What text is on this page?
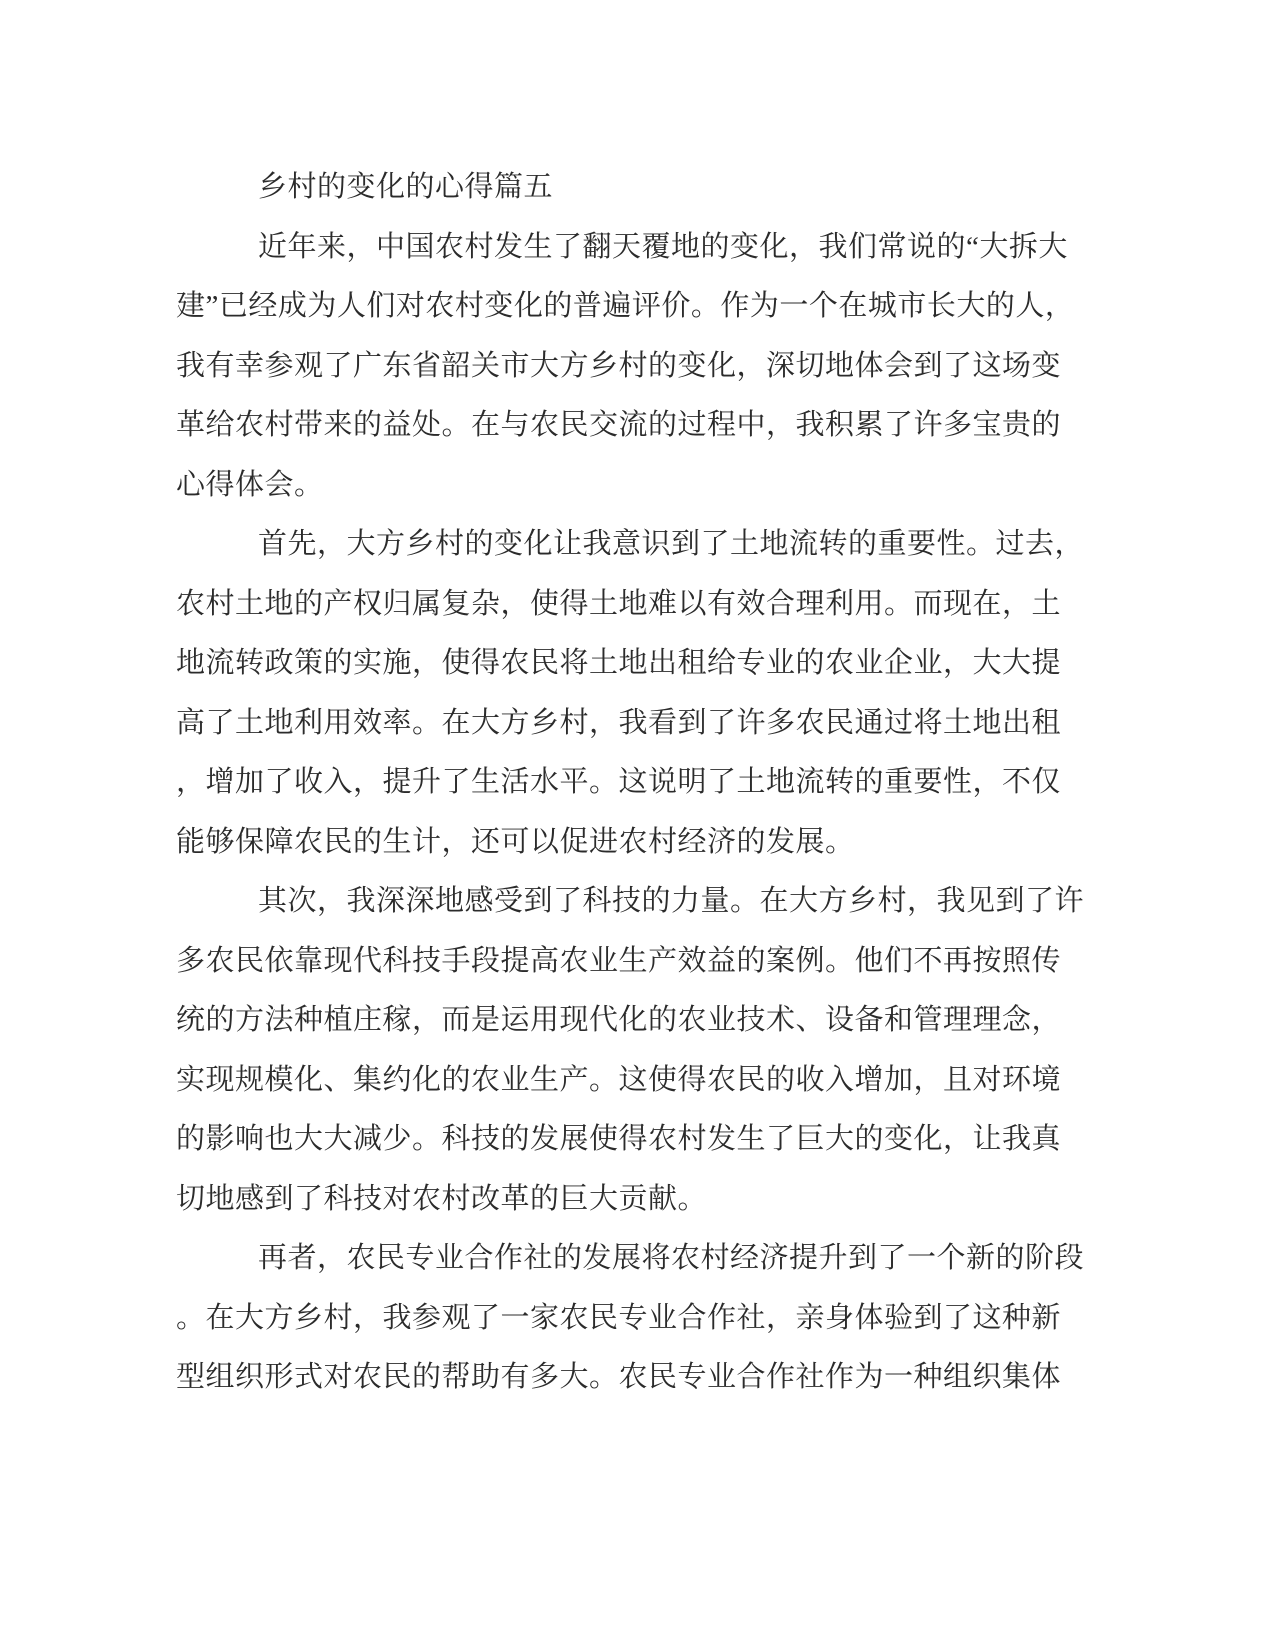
乡村的变化的心得篇五
近年来，中国农村发生了翻天覆地的变化，我们常说的“大拆大
建”已经成为人们对农村变化的普遍评价。作为一个在城市长大的人，
我有幸参观了广东省韶关市大方乡村的变化，深切地体会到了这场变
革给农村带来的益处。在与农民交流的过程中，我积累了许多宝贵的
心得体会。
首先，大方乡村的变化让我意识到了土地流转的重要性。过去，
农村土地的产权归属复杂，使得土地难以有效合理利用。而现在，土
地流转政策的实施，使得农民将土地出租给专业的农业企业，大大提
高了土地利用效率。在大方乡村，我看到了许多农民通过将土地出租
，增加了收入，提升了生活水平。这说明了土地流转的重要性，不仅
能够保障农民的生计，还可以促进农村经济的发展。
其次，我深深地感受到了科技的力量。在大方乡村，我见到了许
多农民依靠现代科技手段提高农业生产效益的案例。他们不再按照传
统的方法种植庄稼，而是运用现代化的农业技术、设备和管理理念，
实现规模化、集约化的农业生产。这使得农民的收入增加，且对环境
的影响也大大减少。科技的发展使得农村发生了巨大的变化，让我真
切地感到了科技对农村改革的巨大贡献。
再者，农民专业合作社的发展将农村经济提升到了一个新的阶段
。在大方乡村，我参观了一家农民专业合作社，亲身体验到了这种新
型组织形式对农民的帮助有多大。农民专业合作社作为一种组织集体
